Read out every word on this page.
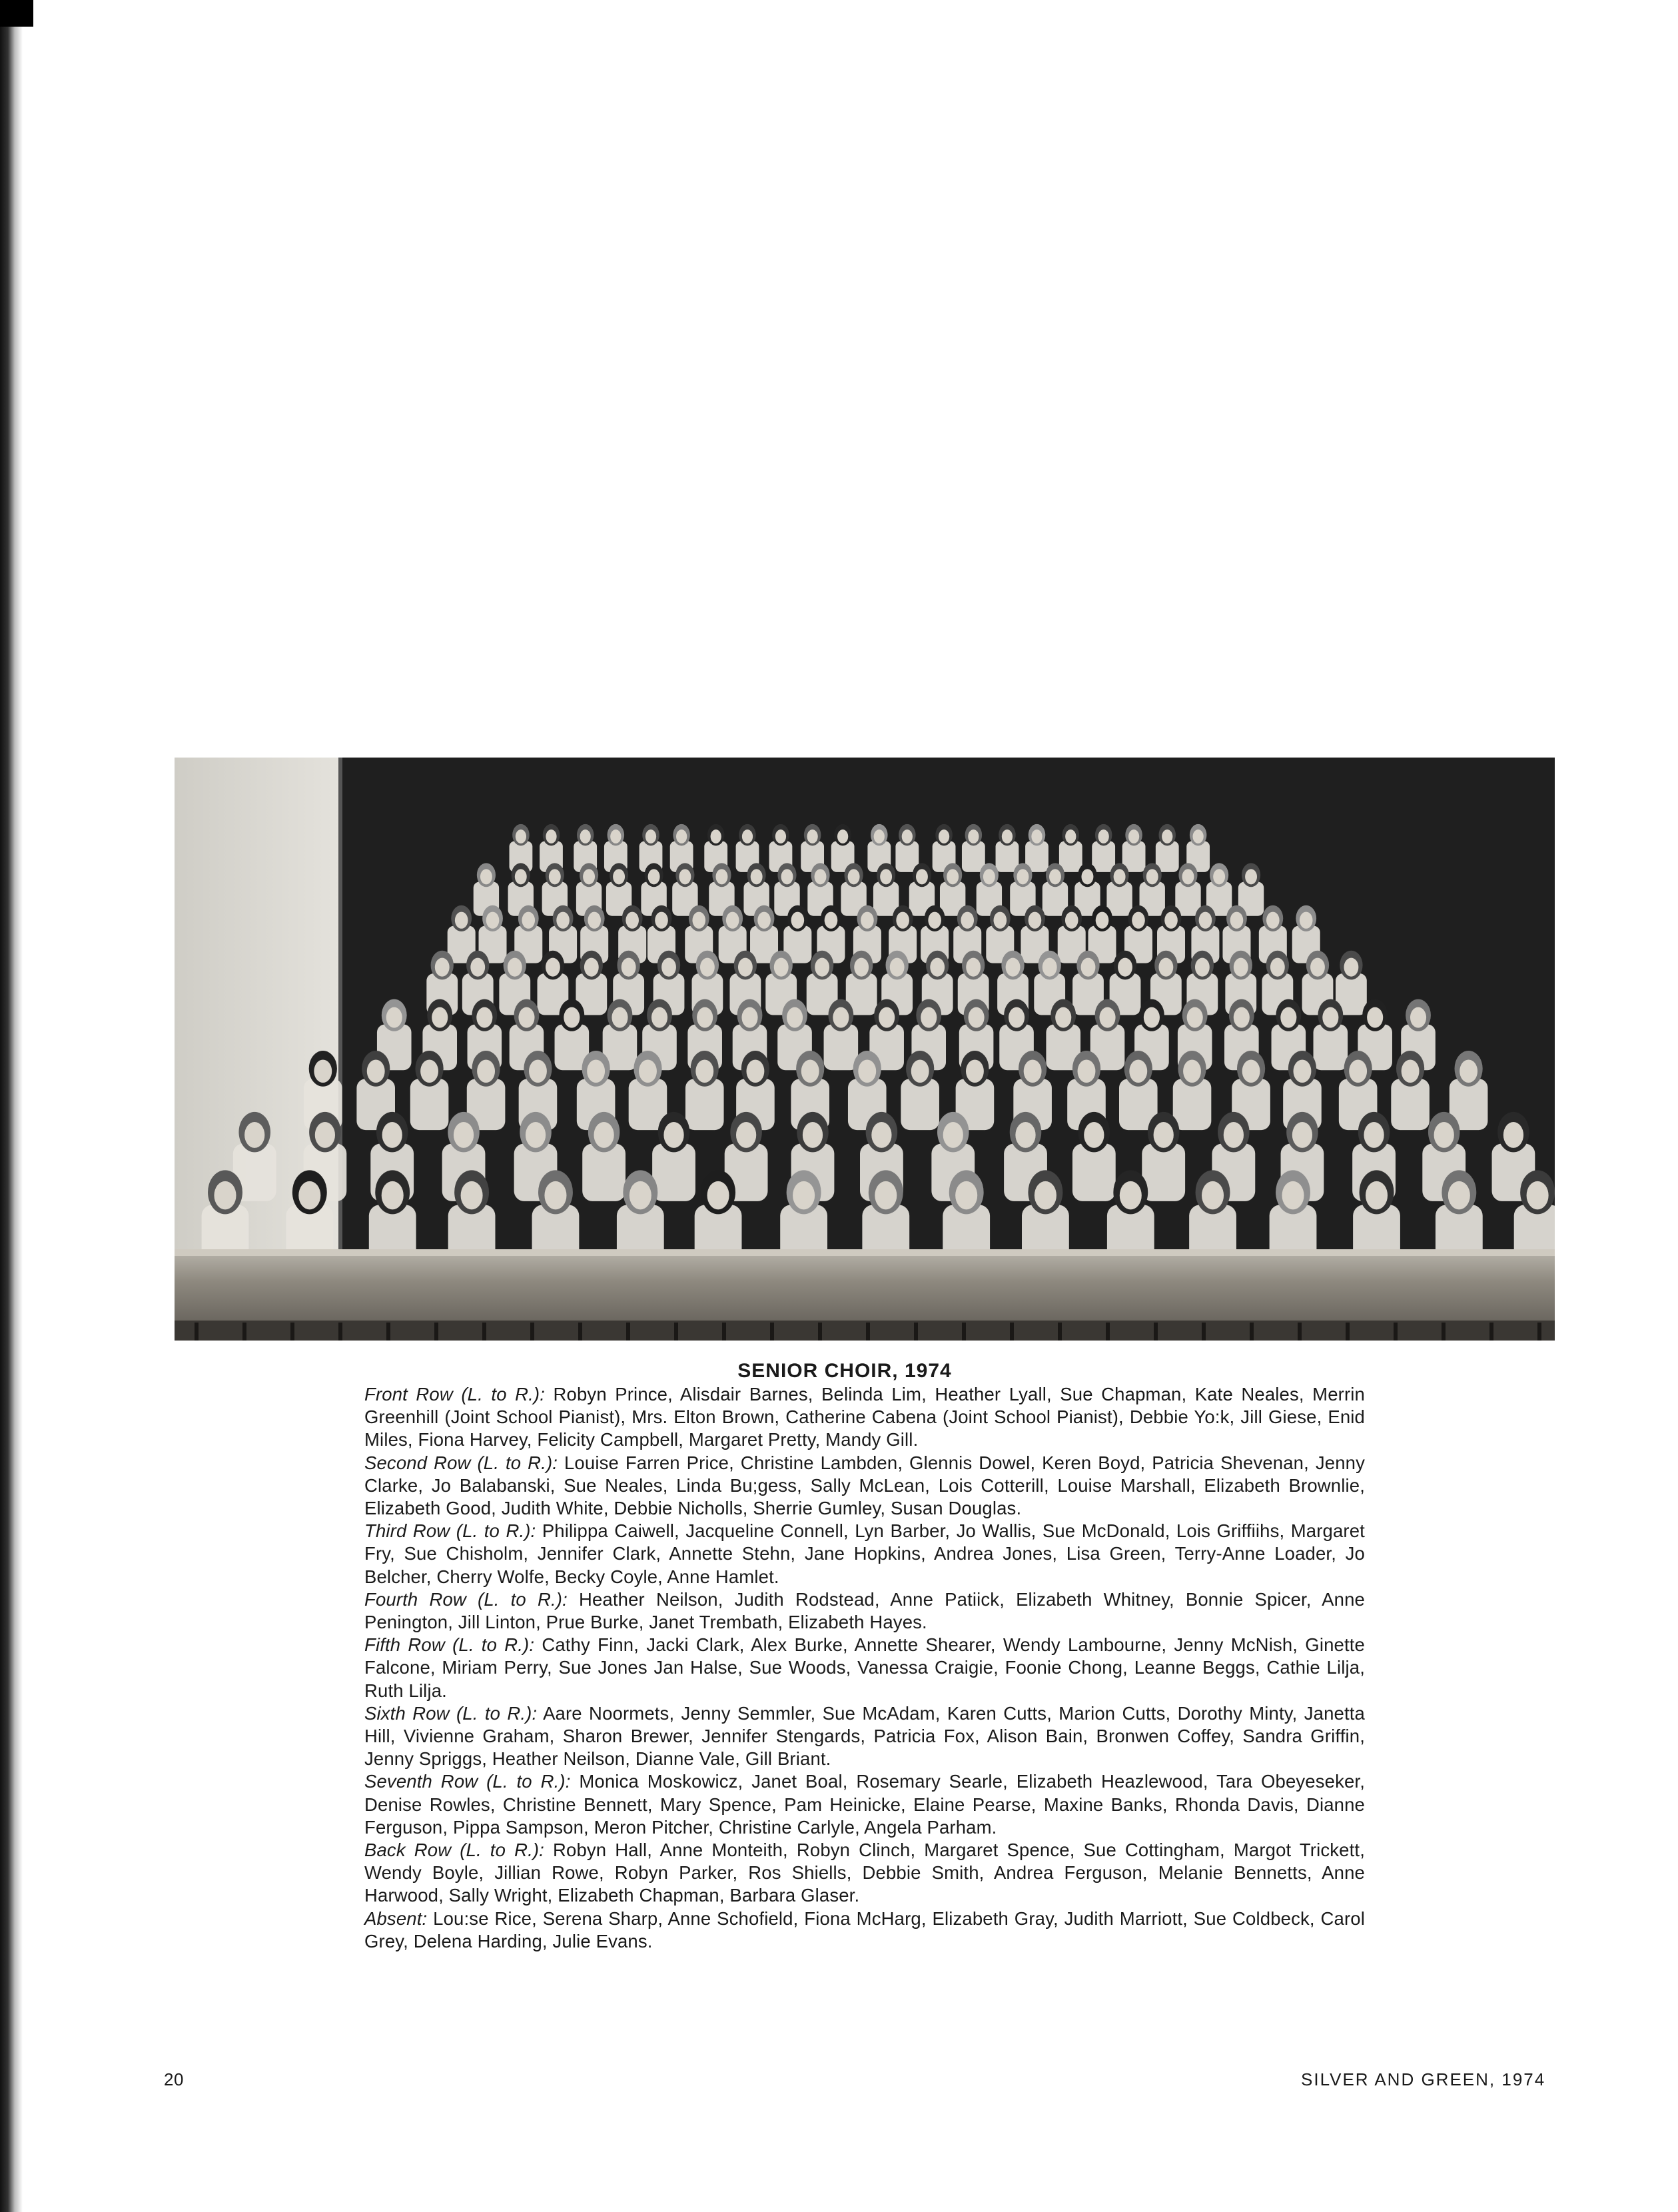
SENIOR CHOIR, 1974
Front Row (L. to R.): Robyn Prince, Alisdair Barnes, Belinda Lim, Heather Lyall, Sue Chapman, Kate Neales, Merrin Greenhill (Joint School Pianist), Mrs. Elton Brown, Catherine Cabena (Joint School Pianist), Debbie Yo:k, Jill Giese, Enid Miles, Fiona Harvey, Felicity Campbell, Margaret Pretty, Mandy Gill.
Second Row (L. to R.): Louise Farren Price, Christine Lambden, Glennis Dowel, Keren Boyd, Patricia Shevenan, Jenny Clarke, Jo Balabanski, Sue Neales, Linda Bu;gess, Sally McLean, Lois Cotterill, Louise Marshall, Elizabeth Brownlie, Elizabeth Good, Judith White, Debbie Nicholls, Sherrie Gumley, Susan Douglas.
Third Row (L. to R.): Philippa Caiwell, Jacqueline Connell, Lyn Barber, Jo Wallis, Sue McDonald, Lois Griffiihs, Margaret Fry, Sue Chisholm, Jennifer Clark, Annette Stehn, Jane Hopkins, Andrea Jones, Lisa Green, Terry-Anne Loader, Jo Belcher, Cherry Wolfe, Becky Coyle, Anne Hamlet.
Fourth Row (L. to R.): Heather Neilson, Judith Rodstead, Anne Patiick, Elizabeth Whitney, Bonnie Spicer, Anne Penington, Jill Linton, Prue Burke, Janet Trembath, Elizabeth Hayes.
Fifth Row (L. to R.): Cathy Finn, Jacki Clark, Alex Burke, Annette Shearer, Wendy Lambourne, Jenny McNish, Ginette Falcone, Miriam Perry, Sue Jones Jan Halse, Sue Woods, Vanessa Craigie, Foonie Chong, Leanne Beggs, Cathie Lilja, Ruth Lilja.
Sixth Row (L. to R.): Aare Noormets, Jenny Semmler, Sue McAdam, Karen Cutts, Marion Cutts, Dorothy Minty, Janetta Hill, Vivienne Graham, Sharon Brewer, Jennifer Stengards, Patricia Fox, Alison Bain, Bronwen Coffey, Sandra Griffin, Jenny Spriggs, Heather Neilson, Dianne Vale, Gill Briant.
Seventh Row (L. to R.): Monica Moskowicz, Janet Boal, Rosemary Searle, Elizabeth Heazlewood, Tara Obeyeseker, Denise Rowles, Christine Bennett, Mary Spence, Pam Heinicke, Elaine Pearse, Maxine Banks, Rhonda Davis, Dianne Ferguson, Pippa Sampson, Meron Pitcher, Christine Carlyle, Angela Parham.
Back Row (L. to R.): Robyn Hall, Anne Monteith, Robyn Clinch, Margaret Spence, Sue Cottingham, Margot Trickett, Wendy Boyle, Jillian Rowe, Robyn Parker, Ros Shiells, Debbie Smith, Andrea Ferguson, Melanie Bennetts, Anne Harwood, Sally Wright, Elizabeth Chapman, Barbara Glaser.
Absent: Lou:se Rice, Serena Sharp, Anne Schofield, Fiona McHarg, Elizabeth Gray, Judith Marriott, Sue Coldbeck, Carol Grey, Delena Harding, Julie Evans.
20	SILVER AND GREEN, 1974
